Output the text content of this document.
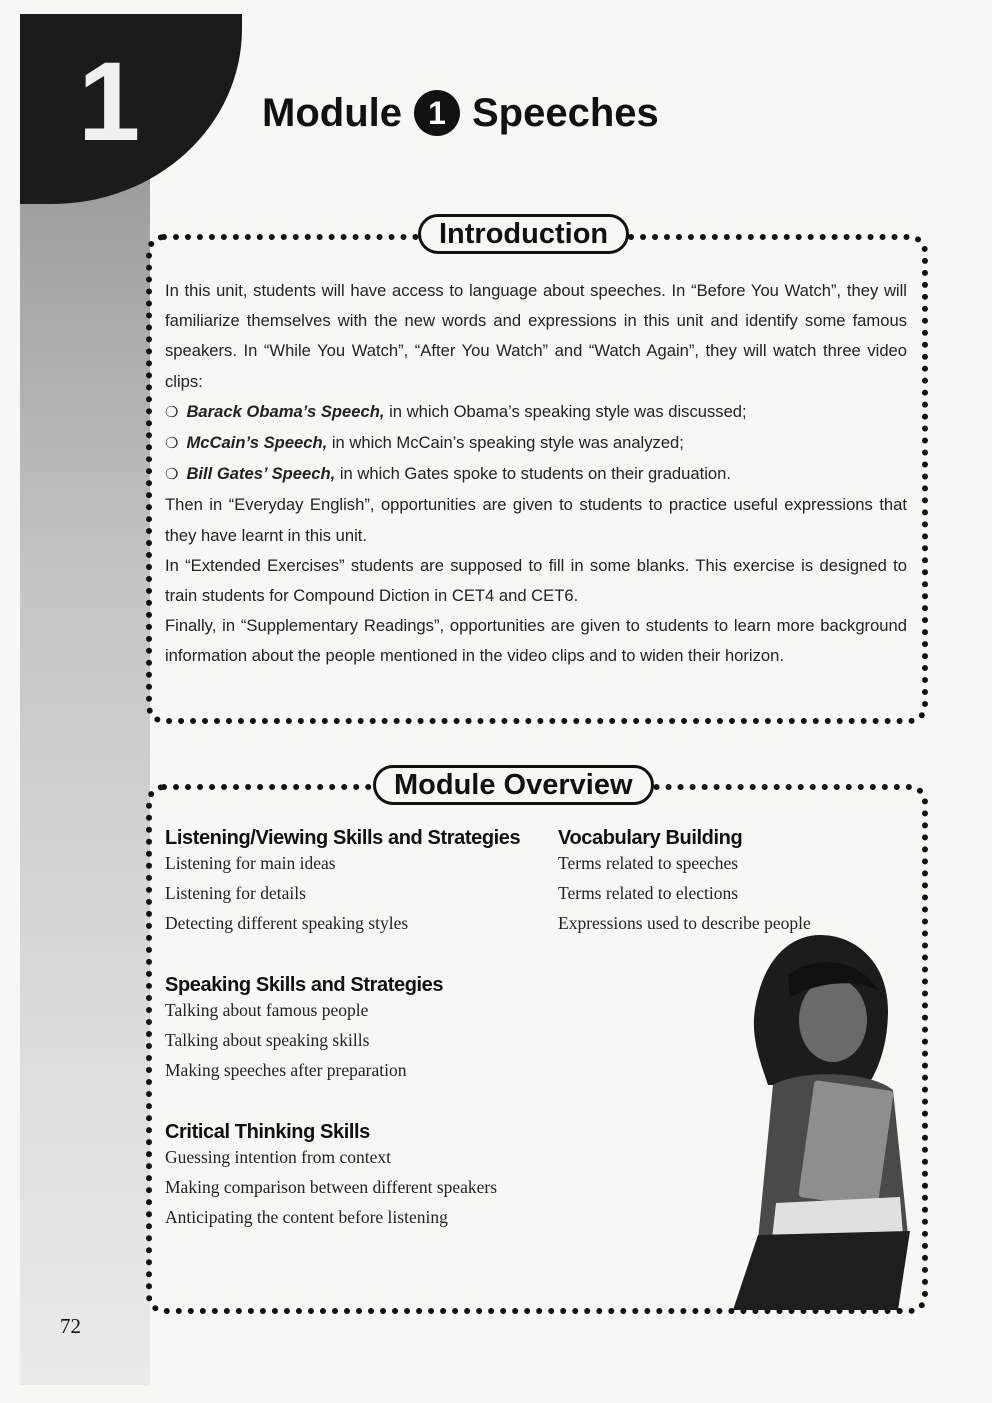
1	Module 1 Speeches
Introduction

In this unit, students will have access to language about speeches. In “Before You Watch”, they will familiarize themselves with the new words and expressions in this unit and identify some famous speakers. In “While You Watch”, “After You Watch” and “Watch Again”, they will watch three video clips:

❍ Barack Obama’s Speech, in which Obama’s speaking style was discussed;
❍ McCain’s Speech, in which McCain’s speaking style was analyzed;
❍ Bill Gates’ Speech, in which Gates spoke to students on their graduation.

Then in “Everyday English”, opportunities are given to students to practice useful expressions that they have learnt in this unit.

In “Extended Exercises” students are supposed to fill in some blanks. This exercise is designed to train students for Compound Diction in CET4 and CET6.

Finally, in “Supplementary Readings”, opportunities are given to students to learn more background information about the people mentioned in the video clips and to widen their horizon.

Module Overview
Listening/Viewing Skills and Strategies
Listening for main ideas
Listening for details
Detecting different speaking styles
Vocabulary Building
Terms related to speeches
Terms related to elections
Expressions used to describe people
Speaking Skills and Strategies
Talking about famous people
Talking about speaking skills
Making speeches after preparation
Critical Thinking Skills
Guessing intention from context
Making comparison between different speakers
Anticipating the content before listening
72
